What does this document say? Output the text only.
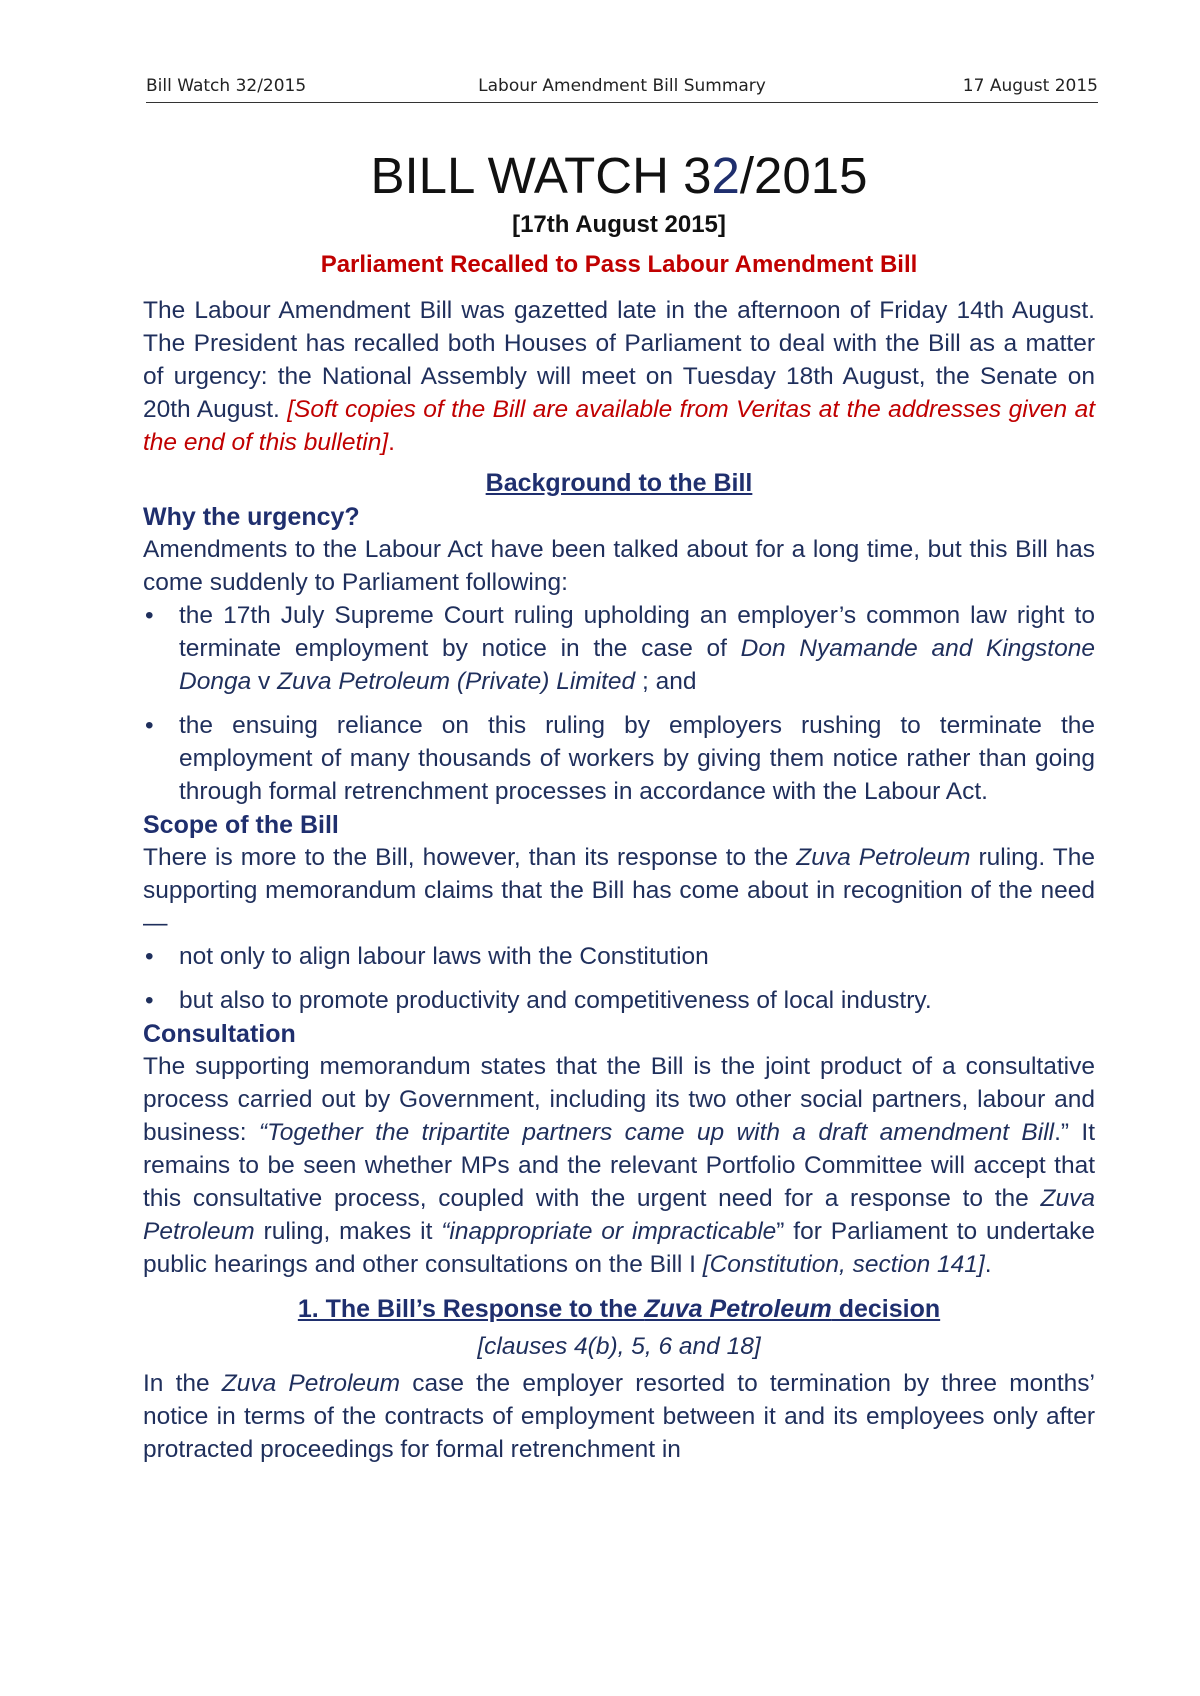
Bill Watch 32/2015	Labour Amendment Bill Summary	17 August 2015
BILL WATCH 32/2015
[17th August 2015]
Parliament Recalled to Pass Labour Amendment Bill

The Labour Amendment Bill was gazetted late in the afternoon of Friday 14th August. The President has recalled both Houses of Parliament to deal with the Bill as a matter of urgency: the National Assembly will meet on Tuesday 18th August, the Senate on 20th August. [Soft copies of the Bill are available from Veritas at the addresses given at the end of this bulletin].

Background to the Bill
Why the urgency?

Amendments to the Labour Act have been talked about for a long time, but this Bill has come suddenly to Parliament following:

•	the 17th July Supreme Court ruling upholding an employer’s common law right to terminate employment by notice in the case of Don Nyamande and Kingstone Donga v Zuva Petroleum (Private) Limited ; and
•	the ensuing reliance on this ruling by employers rushing to terminate the employment of many thousands of workers by giving them notice rather than going through formal retrenchment processes in accordance with the Labour Act.
Scope of the Bill

There is more to the Bill, however, than its response to the Zuva Petroleum ruling. The supporting memorandum claims that the Bill has come about in recognition of the need—

•	not only to align labour laws with the Constitution
•	but also to promote productivity and competitiveness of local industry.
Consultation

The supporting memorandum states that the Bill is the joint product of a consultative process carried out by Government, including its two other social partners, labour and business: “Together the tripartite partners came up with a draft amendment Bill.” It remains to be seen whether MPs and the relevant Portfolio Committee will accept that this consultative process, coupled with the urgent need for a response to the Zuva Petroleum ruling, makes it “inappropriate or impracticable” for Parliament to undertake public hearings and other consultations on the Bill I [Constitution, section 141].

1. The Bill’s Response to the Zuva Petroleum decision
[clauses 4(b), 5, 6 and 18]

In the Zuva Petroleum case the employer resorted to termination by three months’ notice in terms of the contracts of employment between it and its employees only after protracted proceedings for formal retrenchment in
